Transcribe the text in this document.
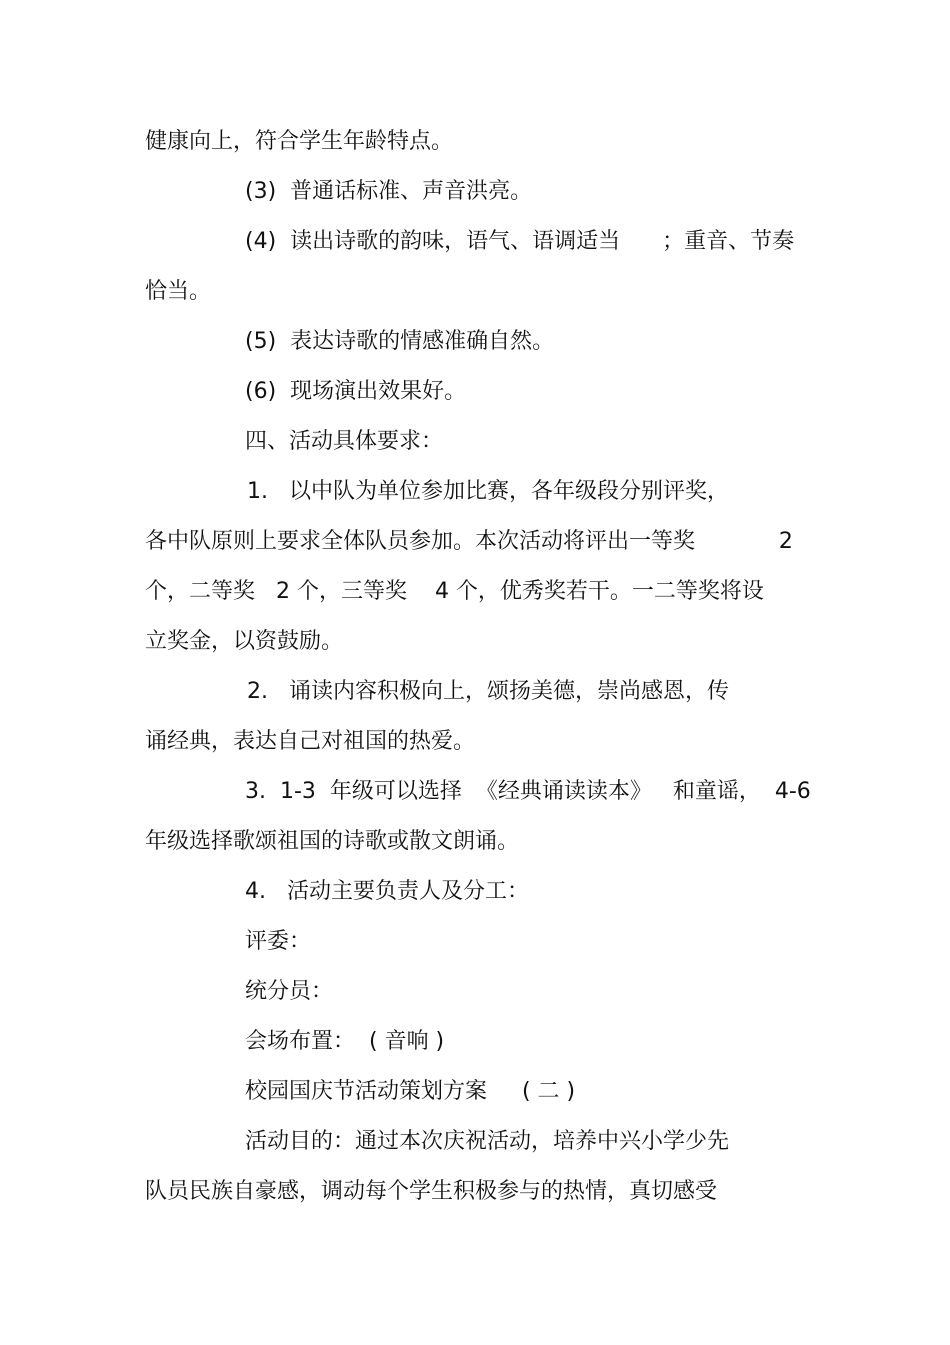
健康向上，符合学生年龄特点。
(3)  普通话标准、声音洪亮。
(4)  读出诗歌的韵味，语气、语调适当      ；重音、节奏
恰当。
(5)  表达诗歌的情感准确自然。
(6)  现场演出效果好。
四、活动具体要求：
1.   以中队为单位参加比赛，各年级段分别评奖，
各中队原则上要求全体队员参加。本次活动将评出一等奖            2
个，二等奖   2 个，三等奖    4 个，优秀奖若干。一二等奖将设
立奖金，以资鼓励。
2.   诵读内容积极向上，颂扬美德，崇尚感恩，传
诵经典，表达自己对祖国的热爱。
3.  1-3  年级可以选择  《经典诵读读本》   和童谣，  4-6
年级选择歌颂祖国的诗歌或散文朗诵。
4.   活动主要负责人及分工：
评委：
统分员：
会场布置：  ( 音响 )
校园国庆节活动策划方案     ( 二 )
活动目的：通过本次庆祝活动，培养中兴小学少先
队员民族自豪感，调动每个学生积极参与的热情，真切感受
